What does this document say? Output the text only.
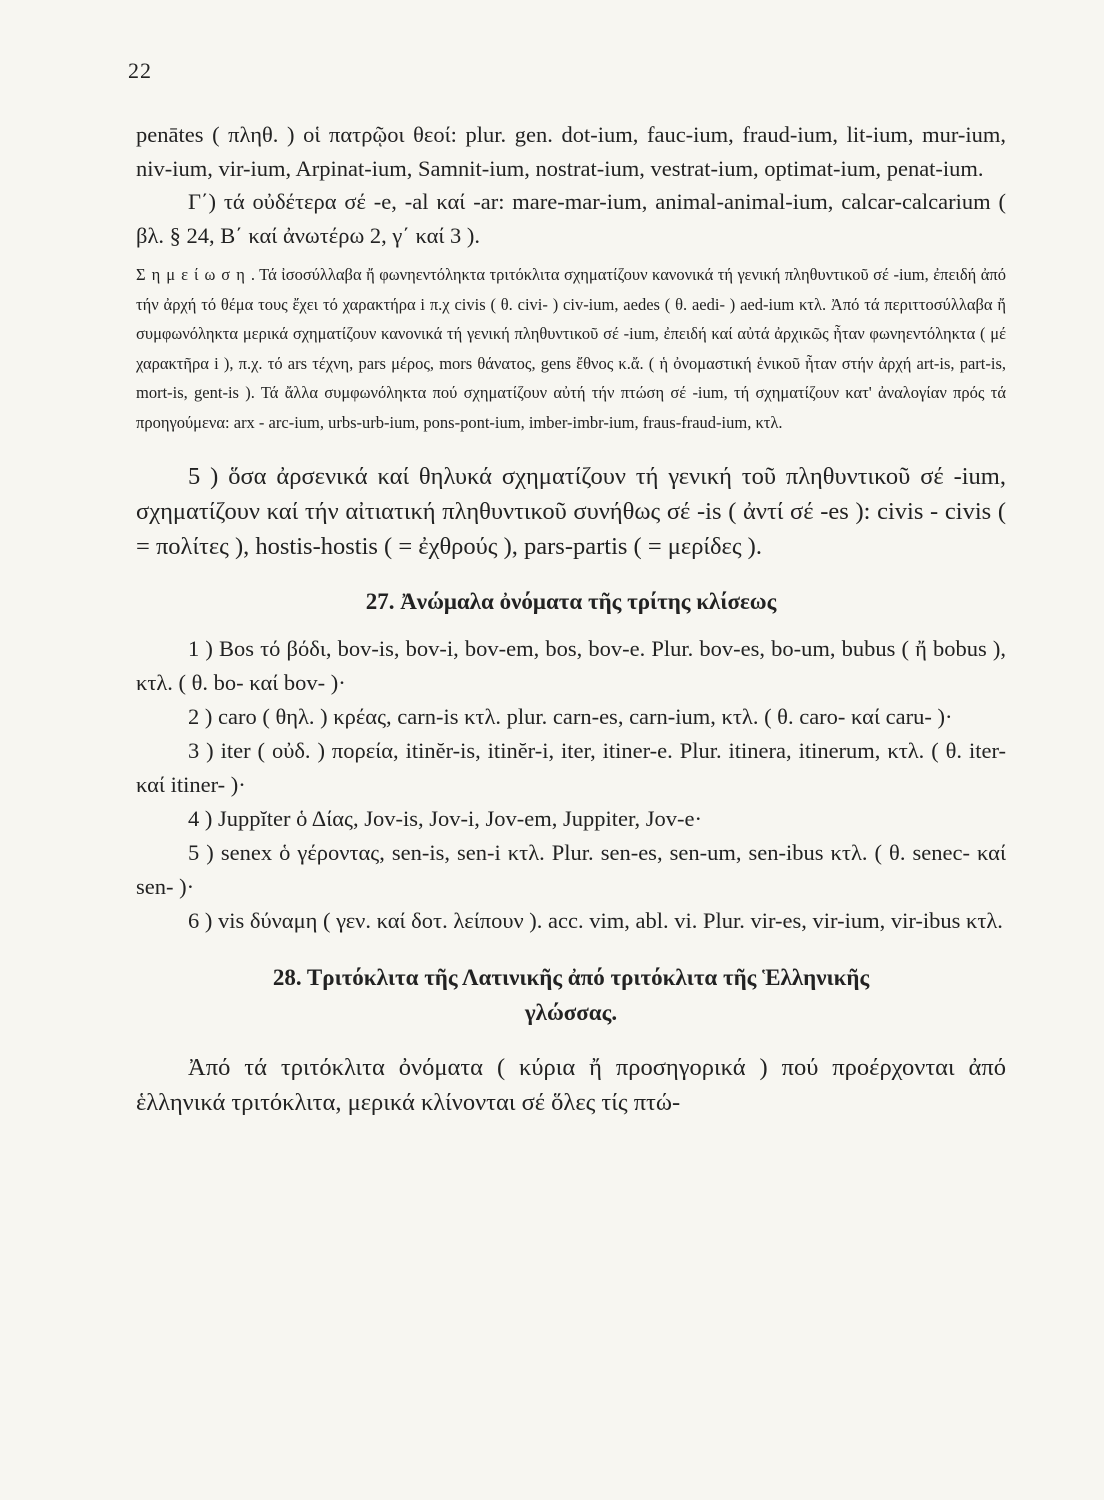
22

penātes ( πληθ. ) οἱ πατρῷοι θεοί: plur. gen. dot-ium, fauc-ium, fraud-ium, lit-ium, mur-ium, niv-ium, vir-ium, Arpinat-ium, Samnit-ium, nostrat-ium, vestrat-ium, optimat-ium, penat-ium.

Γ΄) τά οὐδέτερα σέ -e, -al καί -ar: mare-mar-ium, animal-animal-ium, calcar-calcarium ( βλ. § 24, Β΄ καί ἀνωτέρω 2, γ΄ καί 3 ).

Σημείωση. Τά ἰσοσύλλαβα ἤ φωνηεντόληκτα τριτόκλιτα σχηματίζουν κανονικά τή γενική πληθυντικοῦ σέ -ium, ἐπειδή ἀπό τήν ἀρχή τό θέμα τους ἔχει τό χαρακτήρα i π.χ civis ( θ. civi- ) civ-ium, aedes ( θ. aedi- ) aed-ium κτλ. Ἀπό τά περιττοσύλλαβα ἤ συμφωνόληκτα μερικά σχηματίζουν κανονικά τή γενική πληθυντικοῦ σέ -ium, ἐπειδή καί αὐτά ἀρχικῶς ἦταν φωνηεντόληκτα ( μέ χαρακτῆρα i ), π.χ. τό ars τέχνη, pars μέρος, mors θάνατος, gens ἔθνος κ.ἄ. ( ἡ ὀνομαστική ἑνικοῦ ἦταν στήν ἀρχή art-is, part-is, mort-is, gent-is ). Τά ἄλλα συμφωνόληκτα πού σχηματίζουν αὐτή τήν πτώση σέ -ium, τή σχηματίζουν κατ' ἀναλογίαν πρός τά προηγούμενα: arx - arc-ium, urbs-urb-ium, pons-pont-ium, imber-imbr-ium, fraus-fraud-ium, κτλ.

5 ) ὅσα ἀρσενικά καί θηλυκά σχηματίζουν τή γενική τοῦ πληθυντικοῦ σέ -ium, σχηματίζουν καί τήν αἰτιατική πληθυντικοῦ συνήθως σέ -is ( ἀντί σέ -es ): civis - civis ( = πολίτες ), hostis-hostis ( = ἐχθρούς ), pars-partis ( = μερίδες ).

27. Ἀνώμαλα ὀνόματα τῆς τρίτης κλίσεως

1 ) Bos τό βόδι, bov-is, bov-i, bov-em, bos, bov-e. Plur. bov-es, bo-um, bubus ( ἤ bobus ), κτλ. ( θ. bo- καί bov- )·

2 ) caro ( θηλ. ) κρέας, carn-is κτλ. plur. carn-es, carn-ium, κτλ. ( θ. caro- καί caru- )·

3 ) iter ( οὐδ. ) πορεία, itinĕr-is, itinĕr-i, iter, itiner-e. Plur. itinera, itinerum, κτλ. ( θ. iter- καί itiner- )·

4 ) Juppĭter ὁ Δίας, Jov-is, Jov-i, Jov-em, Juppiter, Jov-e·

5 ) senex ὁ γέροντας, sen-is, sen-i κτλ. Plur. sen-es, sen-um, sen-ibus κτλ. ( θ. senec- καί sen- )·

6 ) vis δύναμη ( γεν. καί δοτ. λείπουν ). acc. vim, abl. vi. Plur. vir-es, vir-ium, vir-ibus κτλ.

28. Τριτόκλιτα τῆς Λατινικῆς ἀπό τριτόκλιτα τῆς Ἑλληνικῆς
γλώσσας.

Ἀπό τά τριτόκλιτα ὀνόματα ( κύρια ἤ προσηγορικά ) πού προέρχονται ἀπό ἑλληνικά τριτόκλιτα, μερικά κλίνονται σέ ὅλες τίς πτώ-
